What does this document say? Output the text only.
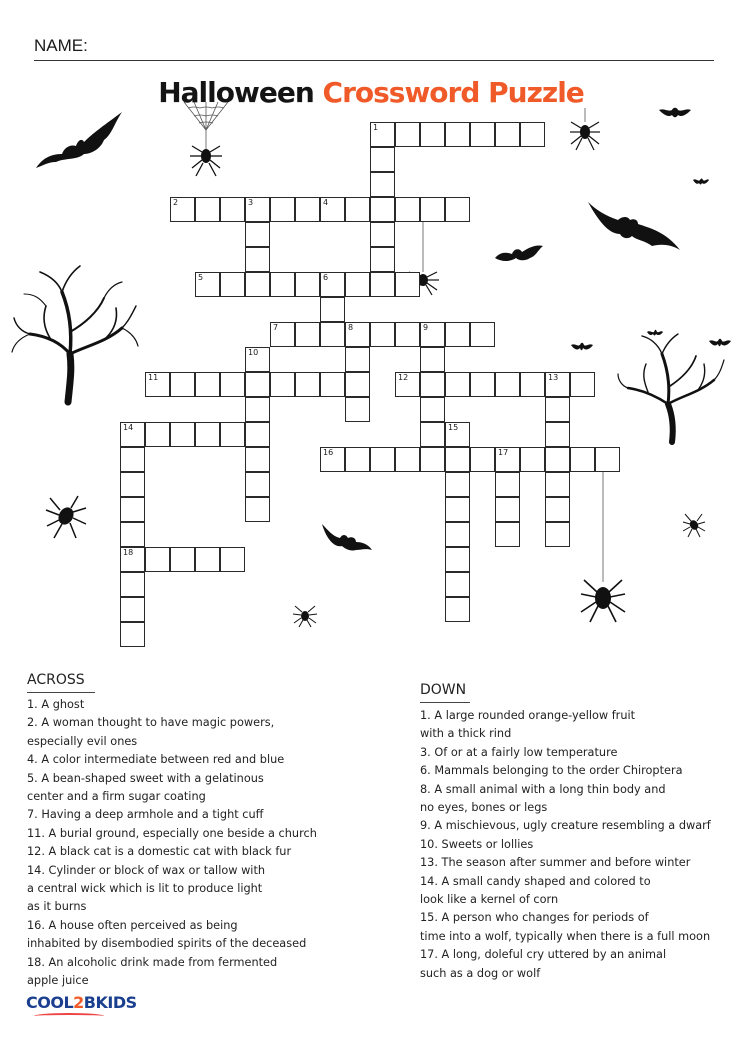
NAME:
Halloween Crossword Puzzle
1
2	3	4
5	6
7	8	9
10
11	12	13
14
18
15
16	17
ACROSS
1. A ghost
2. A woman thought to have magic powers,
especially evil ones
4. A color intermediate between red and blue
5. A bean-shaped sweet with a gelatinous
center and a firm sugar coating
7. Having a deep armhole and a tight cuff
11. A burial ground, especially one beside a church
12. A black cat is a domestic cat with black fur
14. Cylinder or block of wax or tallow with
a central wick which is lit to produce light
as it burns
16. A house often perceived as being
inhabited by disembodied spirits of the deceased
18. An alcoholic drink made from fermented
apple juice
DOWN
1. A large rounded orange-yellow fruit
with a thick rind
3. Of or at a fairly low temperature
6. Mammals belonging to the order Chiroptera
8. A small animal with a long thin body and
no eyes, bones or legs
9. A mischievous, ugly creature resembling a dwarf
10. Sweets or lollies
13. The season after summer and before winter
14. A small candy shaped and colored to
look like a kernel of corn
15. A person who changes for periods of
time into a wolf, typically when there is a full moon
17. A long, doleful cry uttered by an animal
such as a dog or wolf
COOL2BKIDS
